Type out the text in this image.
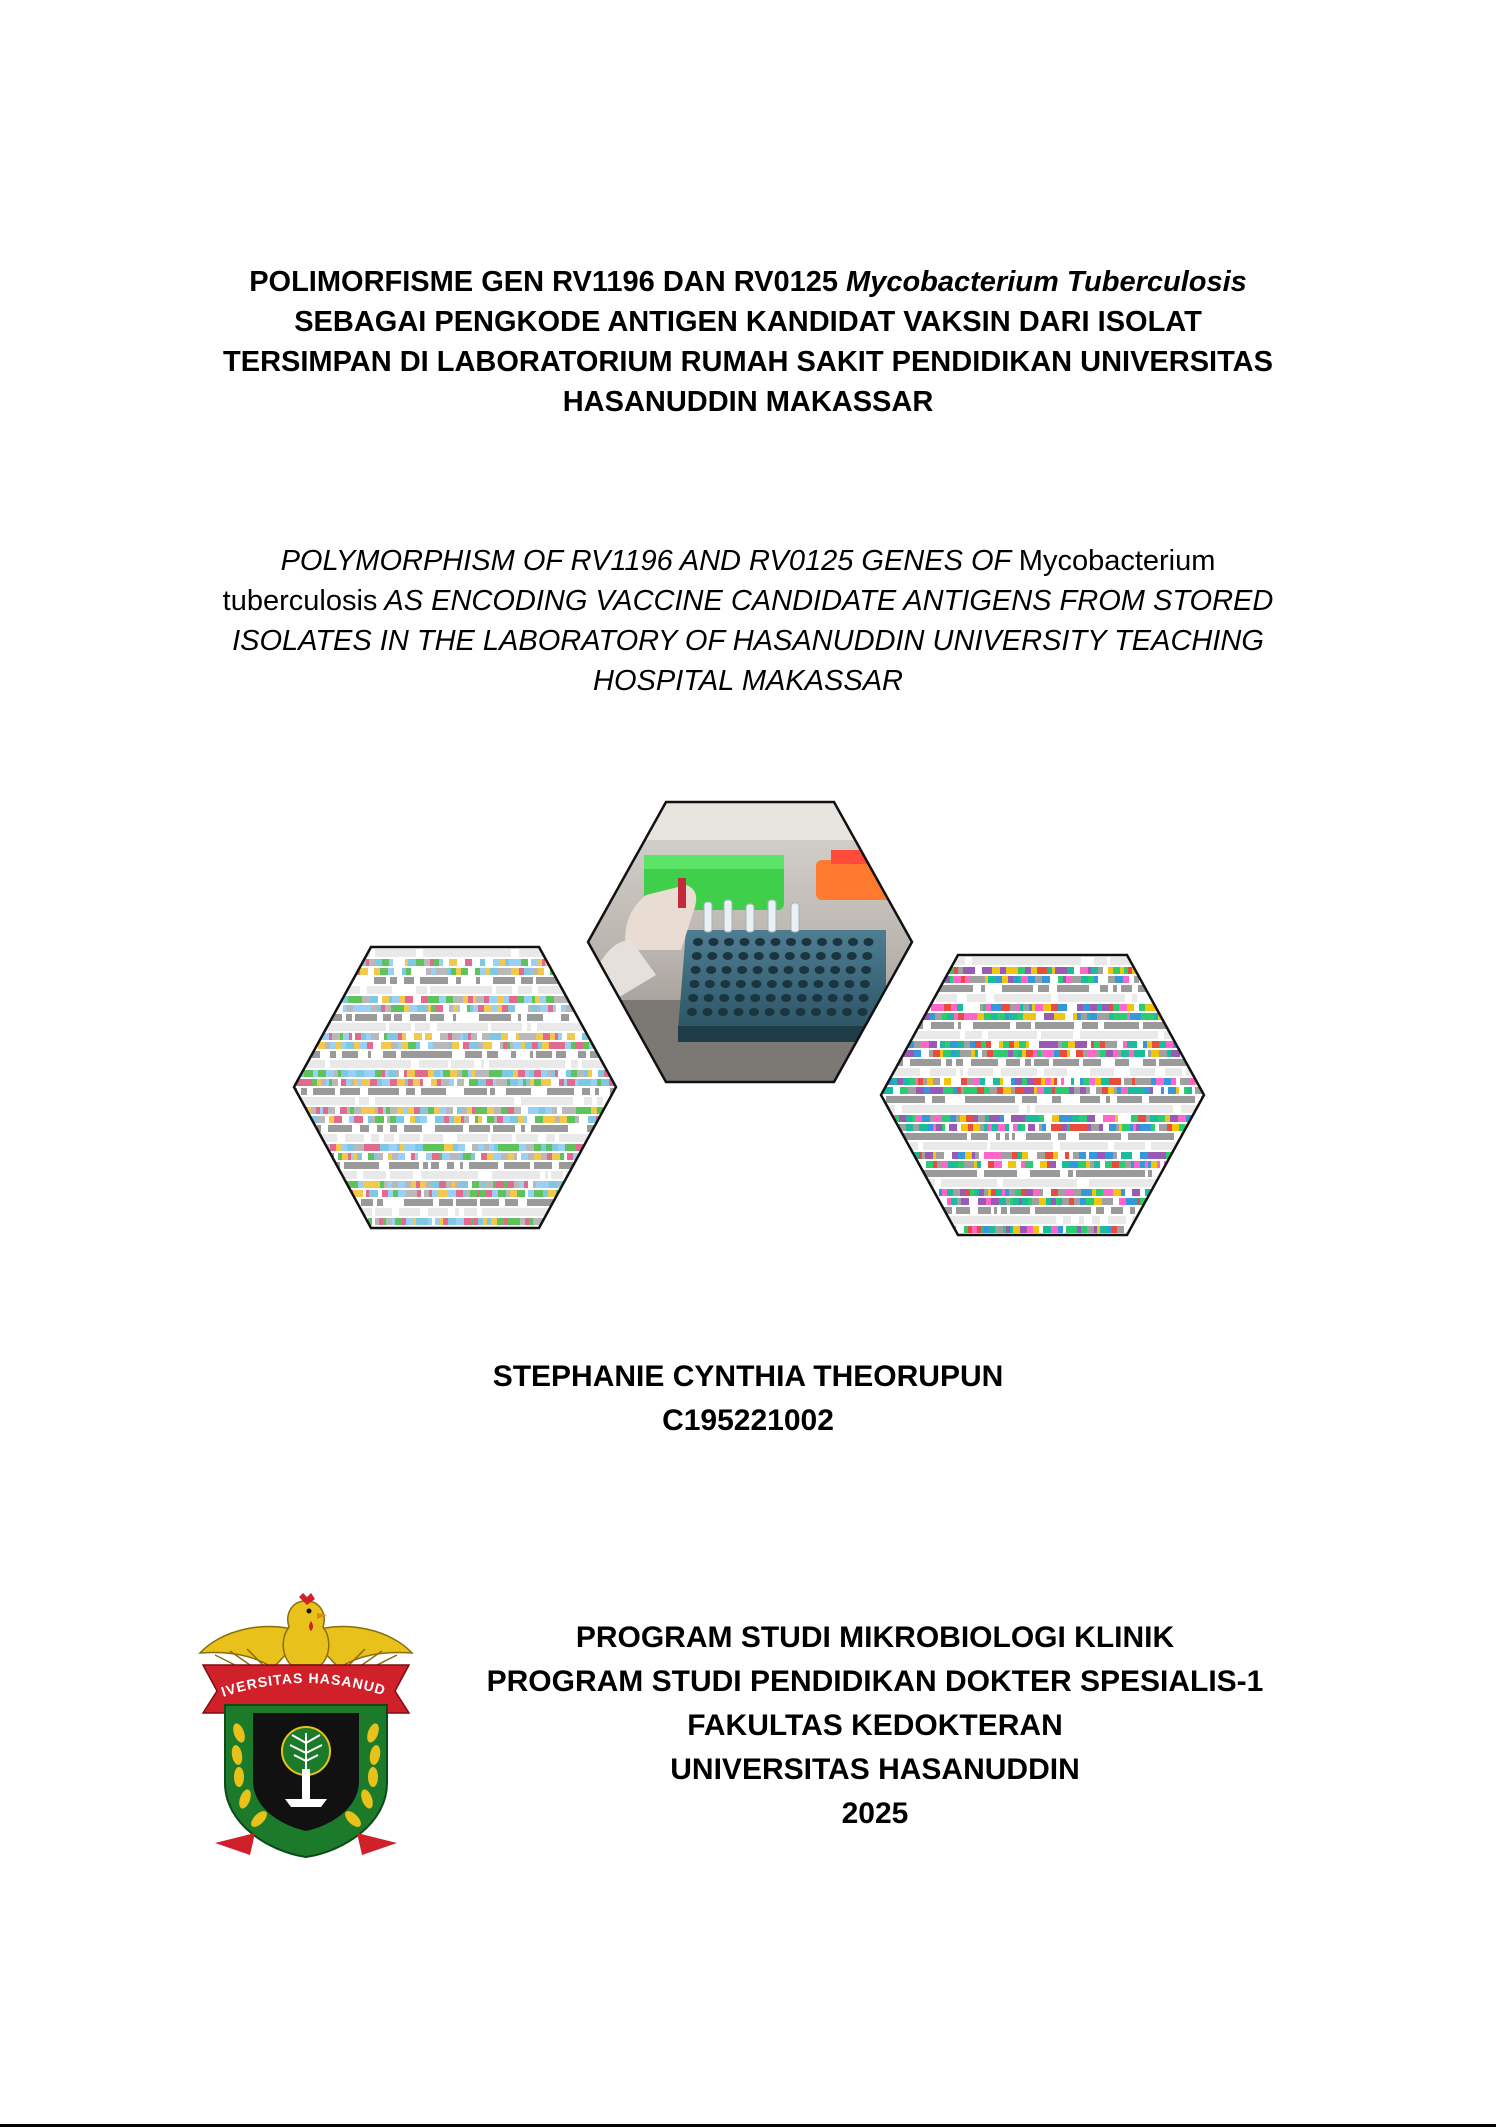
POLIMORFISME GEN RV1196 DAN RV0125 Mycobacterium Tuberculosis
SEBAGAI PENGKODE ANTIGEN KANDIDAT VAKSIN DARI ISOLAT
TERSIMPAN DI LABORATORIUM RUMAH SAKIT PENDIDIKAN UNIVERSITAS
HASANUDDIN MAKASSAR
POLYMORPHISM OF RV1196 AND RV0125 GENES OF Mycobacterium
tuberculosis AS ENCODING VACCINE CANDIDATE ANTIGENS FROM STORED
ISOLATES IN THE LABORATORY OF HASANUDDIN UNIVERSITY TEACHING
HOSPITAL MAKASSAR
STEPHANIE CYNTHIA THEORUPUN
C195221002
IVERSITAS HASANUD
PROGRAM STUDI MIKROBIOLOGI KLINIK
PROGRAM STUDI PENDIDIKAN DOKTER SPESIALIS-1
FAKULTAS KEDOKTERAN
UNIVERSITAS HASANUDDIN
2025
